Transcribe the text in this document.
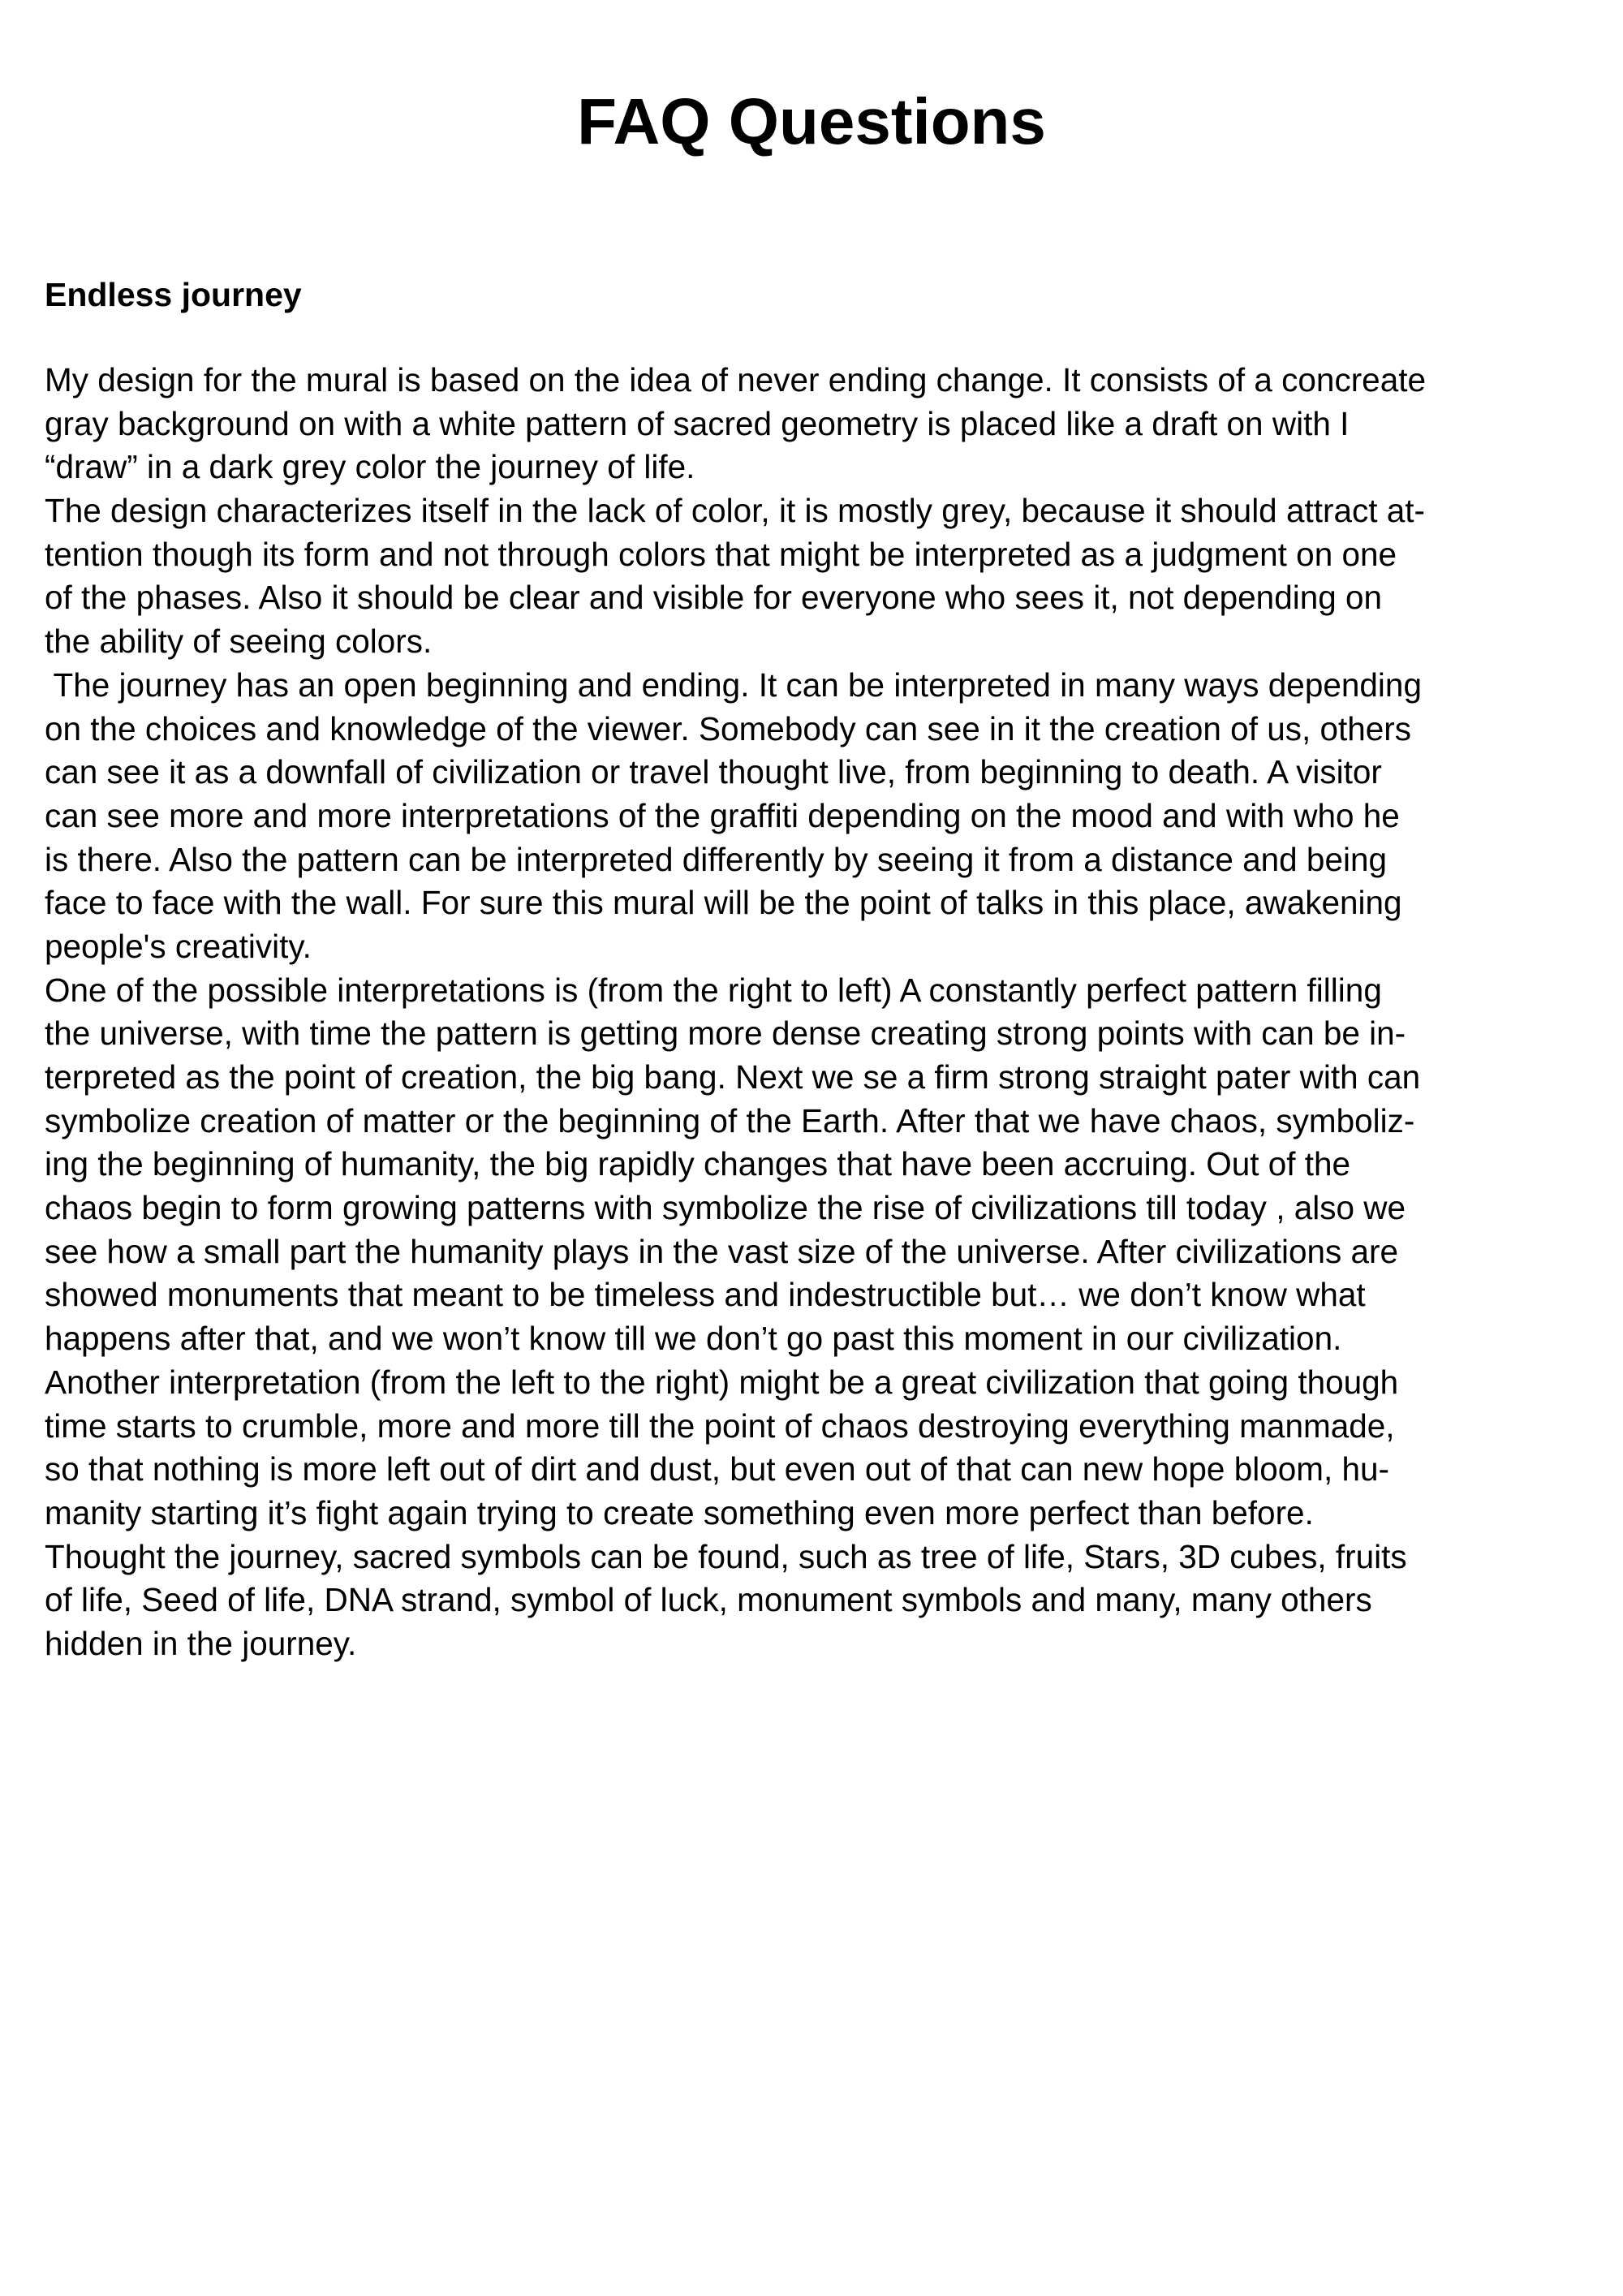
FAQ Questions
Endless journey
My design for the mural is based on the idea of never ending change. It consists of a concreate
gray background on with a white pattern of sacred geometry is placed like a draft on with I
“draw” in a dark grey color the journey of life.
The design characterizes itself in the lack of color, it is mostly grey, because it should attract at-
tention though its form and not through colors that might be interpreted as a judgment on one
of the phases. Also it should be clear and visible for everyone who sees it, not depending on
the ability of seeing colors.
The journey has an open beginning and ending. It can be interpreted in many ways depending
on the choices and knowledge of the viewer. Somebody can see in it the creation of us, others
can see it as a downfall of civilization or travel thought live, from beginning to death. A visitor
can see more and more interpretations of the graffiti depending on the mood and with who he
is there. Also the pattern can be interpreted differently by seeing it from a distance and being
face to face with the wall. For sure this mural will be the point of talks in this place, awakening
people's creativity.
One of the possible interpretations is (from the right to left) A constantly perfect pattern filling
the universe, with time the pattern is getting more dense creating strong points with can be in-
terpreted as the point of creation, the big bang. Next we se a firm strong straight pater with can
symbolize creation of matter or the beginning of the Earth. After that we have chaos, symboliz-
ing the beginning of humanity, the big rapidly changes that have been accruing. Out of the
chaos begin to form growing patterns with symbolize the rise of civilizations till today , also we
see how a small part the humanity plays in the vast size of the universe. After civilizations are
showed monuments that meant to be timeless and indestructible but… we don’t know what
happens after that, and we won’t know till we don’t go past this moment in our civilization.
Another interpretation (from the left to the right) might be a great civilization that going though
time starts to crumble, more and more till the point of chaos destroying everything manmade,
so that nothing is more left out of dirt and dust, but even out of that can new hope bloom, hu-
manity starting it’s fight again trying to create something even more perfect than before.
Thought the journey, sacred symbols can be found, such as tree of life, Stars, 3D cubes, fruits
of life, Seed of life, DNA strand, symbol of luck, monument symbols and many, many others
hidden in the journey.
